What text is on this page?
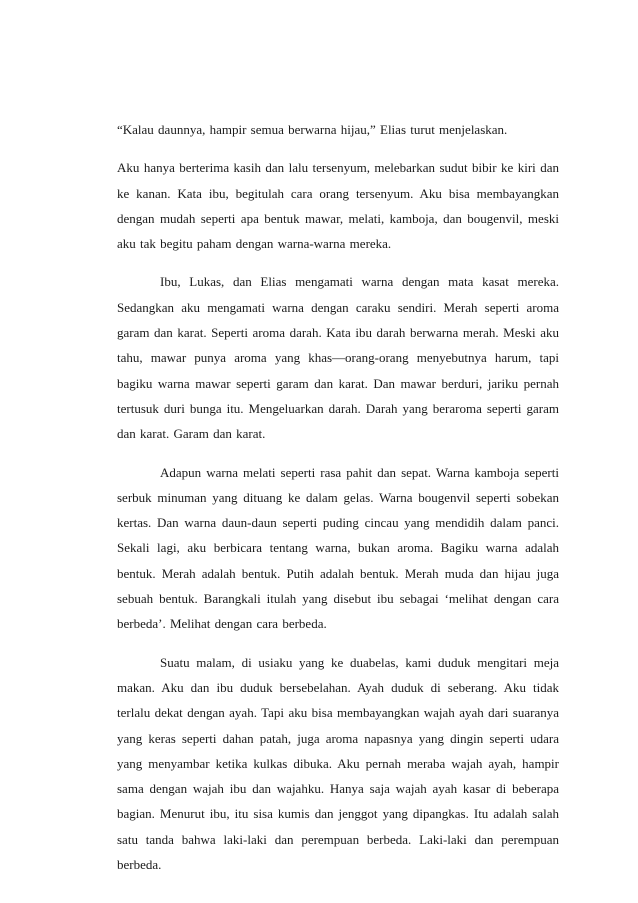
“Kalau daunnya, hampir semua berwarna hijau,” Elias turut menjelaskan.

Aku hanya berterima kasih dan lalu tersenyum, melebarkan sudut bibir ke kiri dan ke kanan. Kata ibu, begitulah cara orang tersenyum. Aku bisa membayangkan dengan mudah seperti apa bentuk mawar, melati, kamboja, dan bougenvil, meski aku tak begitu paham dengan warna-warna mereka.

Ibu, Lukas, dan Elias mengamati warna dengan mata kasat mereka. Sedangkan aku mengamati warna dengan caraku sendiri. Merah seperti aroma garam dan karat. Seperti aroma darah. Kata ibu darah berwarna merah. Meski aku tahu, mawar punya aroma yang khas—orang-orang menyebutnya harum, tapi bagiku warna mawar seperti garam dan karat. Dan mawar berduri, jariku pernah tertusuk duri bunga itu. Mengeluarkan darah. Darah yang beraroma seperti garam dan karat. Garam dan karat.

Adapun warna melati seperti rasa pahit dan sepat. Warna kamboja seperti serbuk minuman yang dituang ke dalam gelas. Warna bougenvil seperti sobekan kertas. Dan warna daun-daun seperti puding cincau yang mendidih dalam panci. Sekali lagi, aku berbicara tentang warna, bukan aroma. Bagiku warna adalah bentuk. Merah adalah bentuk. Putih adalah bentuk. Merah muda dan hijau juga sebuah bentuk. Barangkali itulah yang disebut ibu sebagai ‘melihat dengan cara berbeda’. Melihat dengan cara berbeda.

Suatu malam, di usiaku yang ke duabelas, kami duduk mengitari meja makan. Aku dan ibu duduk bersebelahan. Ayah duduk di seberang. Aku tidak terlalu dekat dengan ayah. Tapi aku bisa membayangkan wajah ayah dari suaranya yang keras seperti dahan patah, juga aroma napasnya yang dingin seperti udara yang menyambar ketika kulkas dibuka. Aku pernah meraba wajah ayah, hampir sama dengan wajah ibu dan wajahku. Hanya saja wajah ayah kasar di beberapa bagian. Menurut ibu, itu sisa kumis dan jenggot yang dipangkas. Itu adalah salah satu tanda bahwa laki-laki dan perempuan berbeda. Laki-laki dan perempuan berbeda.
